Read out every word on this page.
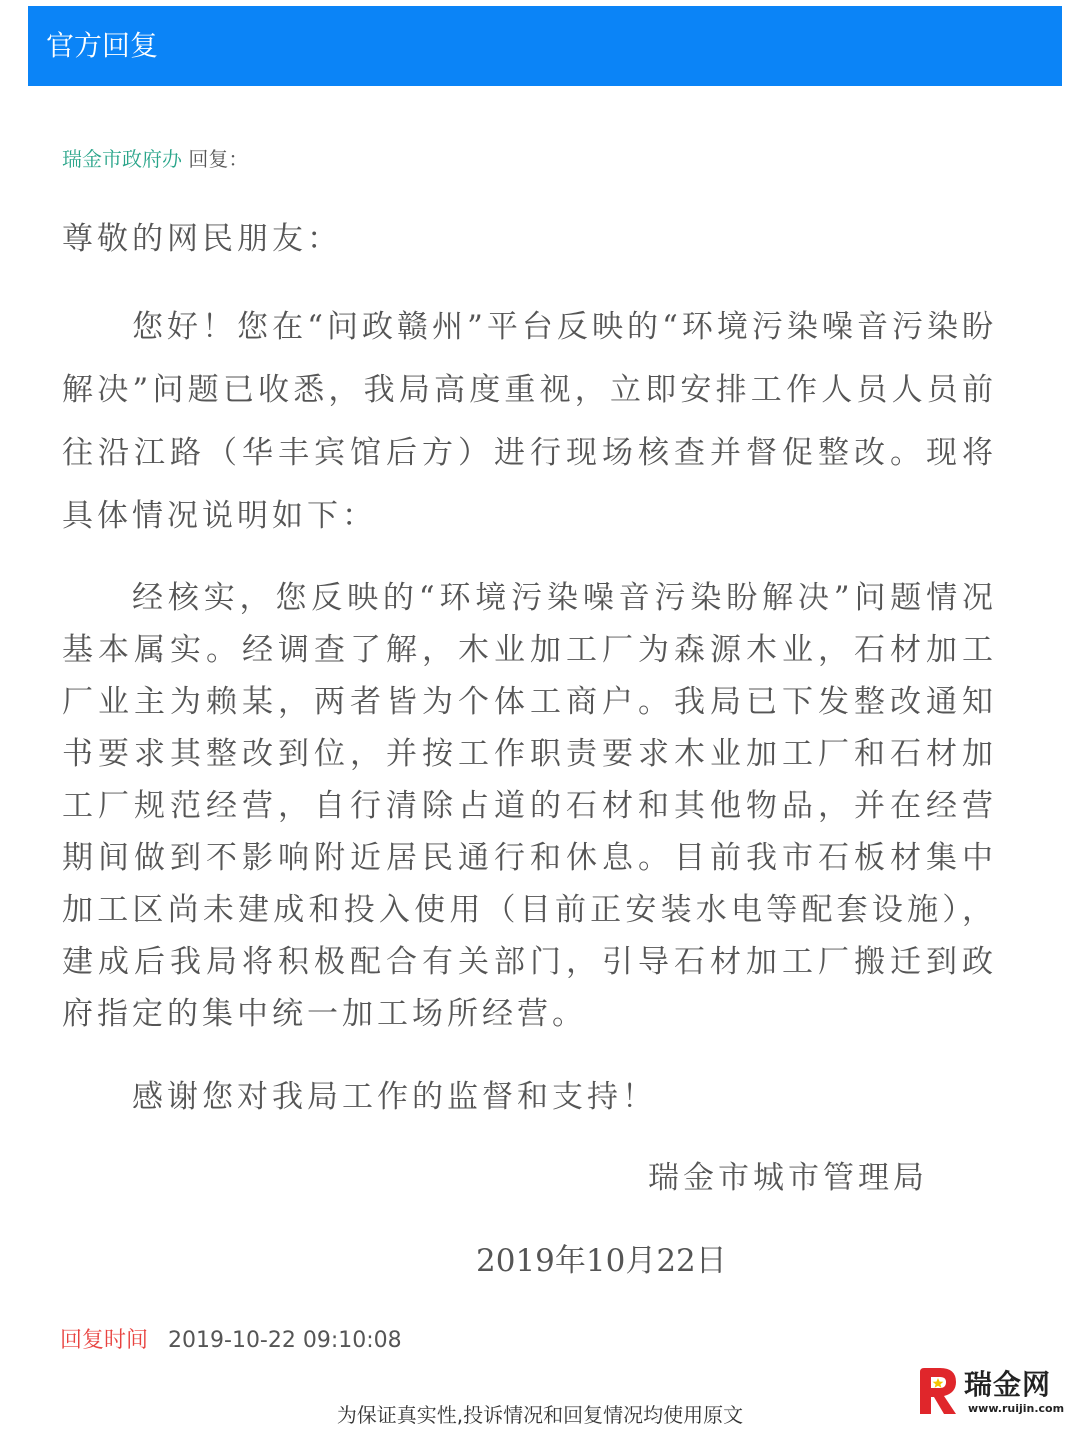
官方回复
瑞金市政府办 回复：
尊敬的网民朋友：
您好！您在“问政赣州”平台反映的“环境污染噪音污染盼解决”问题已收悉，我局高度重视，立即安排工作人员人员前往沿江路（华丰宾馆后方）进行现场核查并督促整改。现将具体情况说明如下：
经核实，您反映的“环境污染噪音污染盼解决”问题情况基本属实。经调查了解，木业加工厂为森源木业，石材加工厂业主为赖某，两者皆为个体工商户。我局已下发整改通知书要求其整改到位，并按工作职责要求木业加工厂和石材加工厂规范经营，自行清除占道的石材和其他物品，并在经营期间做到不影响附近居民通行和休息。目前我市石板材集中加工区尚未建成和投入使用（目前正安装水电等配套设施），建成后我局将积极配合有关部门，引导石材加工厂搬迁到政府指定的集中统一加工场所经营。
感谢您对我局工作的监督和支持！
瑞金市城市管理局
2019年10月22日
回复时间 2019-10-22 09:10:08
为保证真实性,投诉情况和回复情况均使用原文
瑞金网
www.ruijin.com
